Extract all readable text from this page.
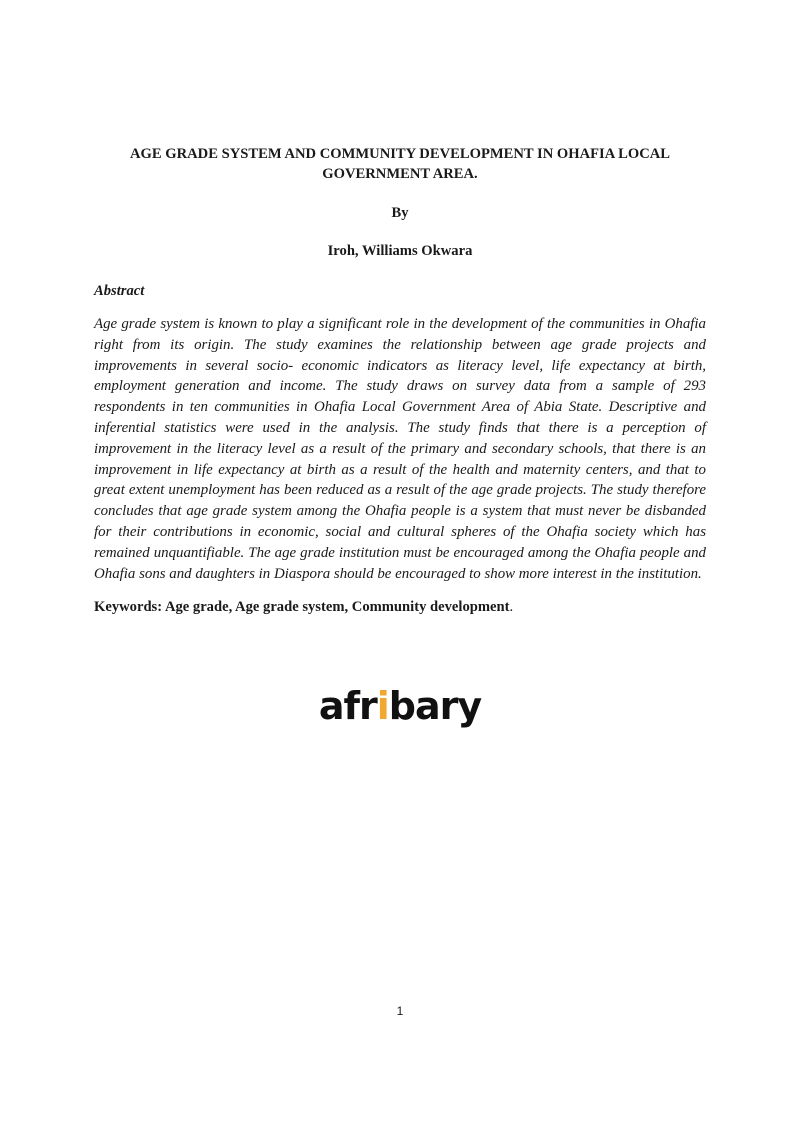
AGE GRADE SYSTEM AND COMMUNITY DEVELOPMENT IN OHAFIA LOCAL GOVERNMENT AREA.
By
Iroh, Williams Okwara
Abstract

Age grade system is known to play a significant role in the development of the communities in Ohafia right from its origin. The study examines the relationship between age grade projects and improvements in several socio- economic indicators as literacy level, life expectancy at birth, employment generation and income. The study draws on survey data from a sample of 293 respondents in ten communities in Ohafia Local Government Area of Abia State. Descriptive and inferential statistics were used in the analysis. The study finds that there is a perception of improvement in the literacy level as a result of the primary and secondary schools, that there is an improvement in life expectancy at birth as a result of the health and maternity centers, and that to great extent unemployment has been reduced as a result of the age grade projects. The study therefore concludes that age grade system among the Ohafia people is a system that must never be disbanded for their contributions in economic, social and cultural spheres of the Ohafia society which has remained unquantifiable. The age grade institution must be encouraged among the Ohafia people and Ohafia sons and daughters in Diaspora should be encouraged to show more interest in the institution.

Keywords: Age grade, Age grade system, Community development.
afribary
1
